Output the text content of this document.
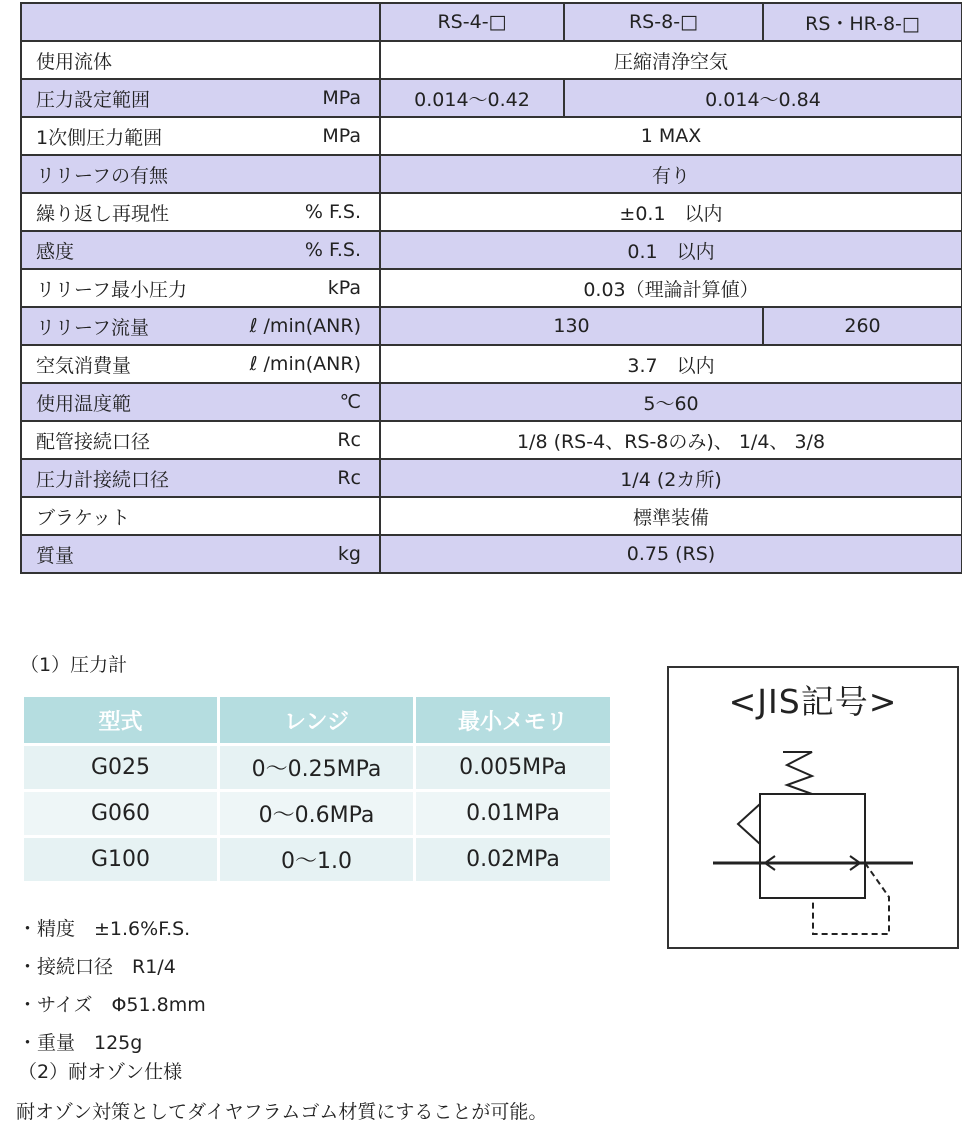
	RS-4-□	RS-8-□	RS・HR-8-□
使用流体	圧縮清浄空気		
圧力設定範囲 MPa	0.014～0.42	0.014～0.84	
1次側圧力範囲 MPa	1 MAX		
リリーフの有無	有り		
繰り返し再現性 % F.S.	±0.1　以内		
感度 % F.S.	0.1　以内		
リリーフ最小圧力 kPa	0.03（理論計算値）		
リリーフ流量 ℓ /min(ANR)	130		260
空気消費量 ℓ /min(ANR)	3.7　以内		
使用温度範 ℃	5～60		
配管接続口径 Rc	1/8 (RS-4、RS-8のみ)、 1/4、 3/8		
圧力計接続口径 Rc	1/4 (2カ所)		
ブラケット	標準装備		
質量 kg	0.75 (RS)		
（1）圧力計
型式	レンジ	最小メモリ
G025	0～0.25MPa	0.005MPa
G060	0～0.6MPa	0.01MPa
G100	0～1.0	0.02MPa
・精度　±1.6%F.S.
・接続口径　R1/4
・サイズ　Φ51.8mm
・重量　125g
（2）耐オゾン仕様
耐オゾン対策としてダイヤフラムゴム材質にすることが可能。
<JIS記号>
